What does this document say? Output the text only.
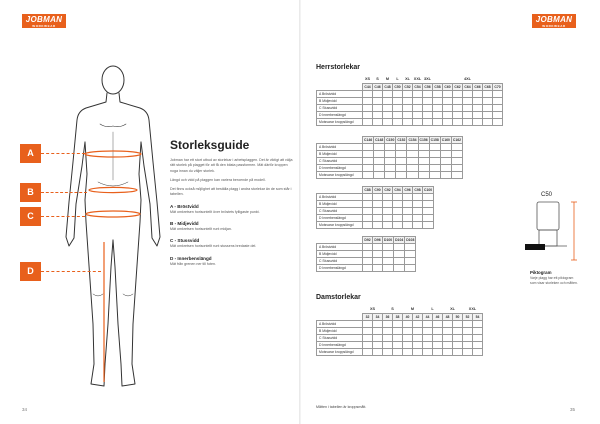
JOBMAN
WORKWEAR
A
B
C
D
Storleksguide

Jobman har ett stort utbud av storlekar i arbetsplaggen. Det är viktigt att välja rätt storlek på plagget för att få den bästa passformen. Mät därför kroppen noga innan du väljer storlek.

Längd och vidd på plaggen kan variera beroende på modell.

Det finns också möjlighet att beställa plagg i andra storlekar än de som står i tabellen.

A - Bröstvidd

Mät omkretsen horisontellt över bröstets fylligaste punkt.

B - Midjevidd

Mät omkretsen horisontellt runt midjan.

C - Stussvidd

Mät omkretsen horisontellt runt stussens bredaste del.

D - Innerbenslängd

Mät från grenen ner till foten.

34
JOBMAN
WORKWEAR
Herrstorlekar
	XS	S	M	L	XL	XXL	3XL	4XL						
	C44	C46	C48	C50	C52	C54	C56	C58	C60	C62	C64	C66	C68	C70
A Bröstvidd														
B Midjevidd														
C Stussvidd														
D Innerbenslängd														
Motsvarar kroppslängd														
	C146	C148	C150	C152	C154	C156	C158	C160	C162
A Bröstvidd									
B Midjevidd									
C Stussvidd									
D Innerbenslängd									
Motsvarar kroppslängd									
	C88	C90	C92	C94	C96	C98	C100
A Bröstvidd							
B Midjevidd							
C Stussvidd							
D Innerbenslängd							
Motsvarar kroppslängd							
	D92	D96	D100	D104	D108
A Bröstvidd					
B Midjevidd					
C Stussvidd					
D Innerbenslängd					
Damstorlekar
	XS		S		M		L		XL		XXL	
	32	34	36	38	40	42	44	46	48	50	52	54
A Bröstvidd												
B Midjevidd												
C Stussvidd												
D Innerbenslängd												
Motsvarar kroppslängd												
Måtten i tabellen är kroppsmått.
C50
Piktogram

Varje plagg har ett piktogram som visar storleken och måtten.

35
